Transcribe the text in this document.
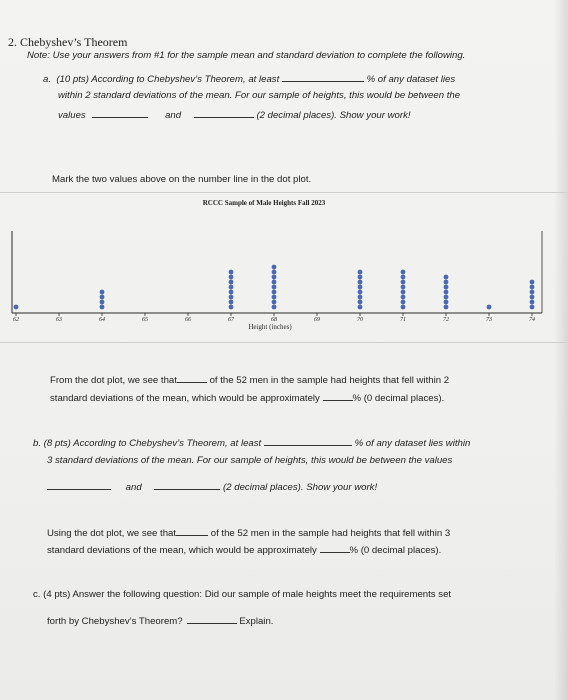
2. Chebyshev’s Theorem
Note: Use your answers from #1 for the sample mean and standard deviation to complete the following.
a. (10 pts) According to Chebyshev’s Theorem, at least	% of any dataset lies
within 2 standard deviations of the mean. For our sample of heights, this would be between the
values	and	(2 decimal places). Show your work!
Mark the two values above on the number line in the dot plot.
RCCC Sample of Male Heights Fall 2023
62	63	64	65	66	67	68	69	70	71	72	73	74
Height (inches)
From the dot plot, we see that	of the 52 men in the sample had heights that fell within 2
standard deviations of the mean, which would be approximately	% (0 decimal places).
b. (8 pts) According to Chebyshev’s Theorem, at least	% of any dataset lies within
3 standard deviations of the mean. For our sample of heights, this would be between the values
and	(2 decimal places). Show your work!
Using the dot plot, we see that	of the 52 men in the sample had heights that fell within 3
standard deviations of the mean, which would be approximately	% (0 decimal places).
c. (4 pts) Answer the following question: Did our sample of male heights meet the requirements set
forth by Chebyshev’s Theorem?	Explain.
